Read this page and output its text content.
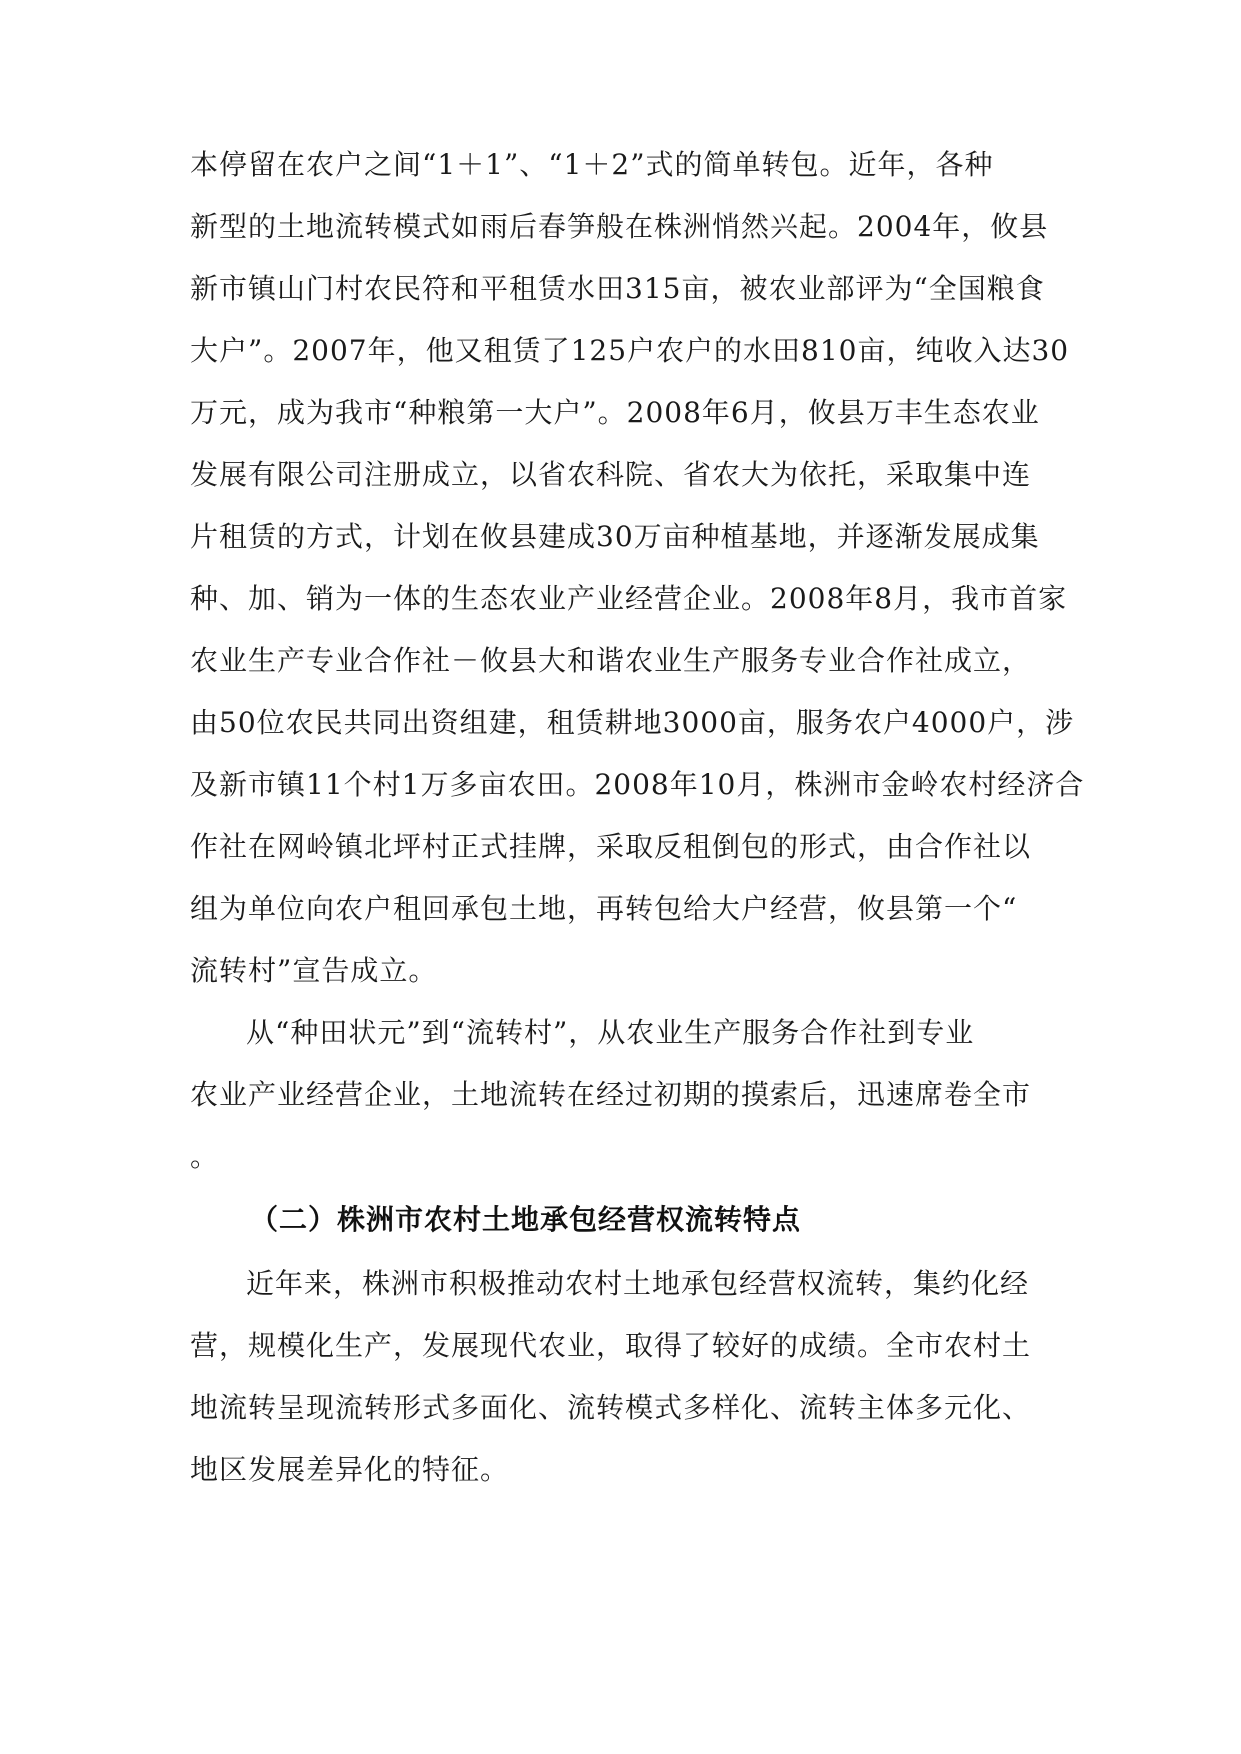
本停留在农户之间“1＋1”、“1＋2”式的简单转包。近年，各种
新型的土地流转模式如雨后春笋般在株洲悄然兴起。2004年，攸县
新市镇山门村农民符和平租赁水田315亩，被农业部评为“全国粮食
大户”。2007年，他又租赁了125户农户的水田810亩，纯收入达30
万元，成为我市“种粮第一大户”。2008年6月，攸县万丰生态农业
发展有限公司注册成立，以省农科院、省农大为依托，采取集中连
片租赁的方式，计划在攸县建成30万亩种植基地，并逐渐发展成集
种、加、销为一体的生态农业产业经营企业。2008年8月，我市首家
农业生产专业合作社－攸县大和谐农业生产服务专业合作社成立，
由50位农民共同出资组建，租赁耕地3000亩，服务农户4000户，涉
及新市镇11个村1万多亩农田。2008年10月，株洲市金岭农村经济合
作社在网岭镇北坪村正式挂牌，采取反租倒包的形式，由合作社以
组为单位向农户租回承包土地，再转包给大户经营，攸县第一个“
流转村”宣告成立。
从“种田状元”到“流转村”，从农业生产服务合作社到专业
农业产业经营企业，土地流转在经过初期的摸索后，迅速席卷全市
。
（二）株洲市农村土地承包经营权流转特点
近年来，株洲市积极推动农村土地承包经营权流转，集约化经
营，规模化生产，发展现代农业，取得了较好的成绩。全市农村土
地流转呈现流转形式多面化、流转模式多样化、流转主体多元化、
地区发展差异化的特征。
